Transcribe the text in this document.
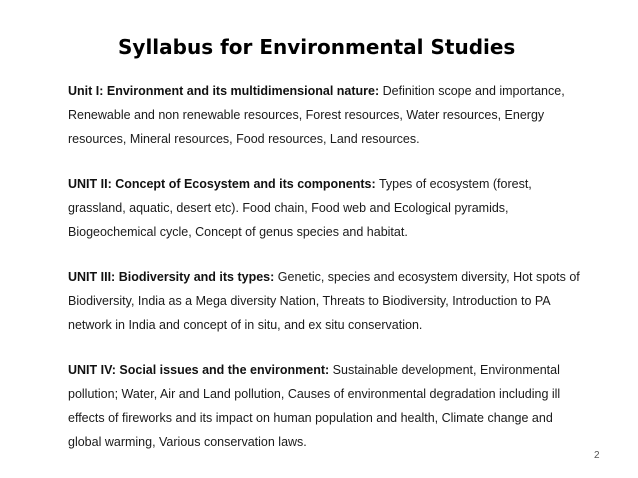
Syllabus for Environmental Studies

Unit I: Environment and its multidimensional nature: Definition scope and importance, Renewable and non renewable resources, Forest resources, Water resources, Energy resources, Mineral resources, Food resources, Land resources.

UNIT II: Concept of Ecosystem and its components: Types of ecosystem (forest, grassland, aquatic, desert etc). Food chain, Food web and Ecological pyramids, Biogeochemical cycle, Concept of genus species and habitat.

UNIT III: Biodiversity and its types: Genetic, species and ecosystem diversity, Hot spots of Biodiversity, India as a Mega diversity Nation, Threats to Biodiversity, Introduction to PA network in India and concept of in situ, and ex situ conservation.

UNIT IV: Social issues and the environment: Sustainable development, Environmental pollution; Water, Air and Land pollution, Causes of environmental degradation including ill effects of fireworks and its impact on human population and health, Climate change and global warming, Various conservation laws.

2
